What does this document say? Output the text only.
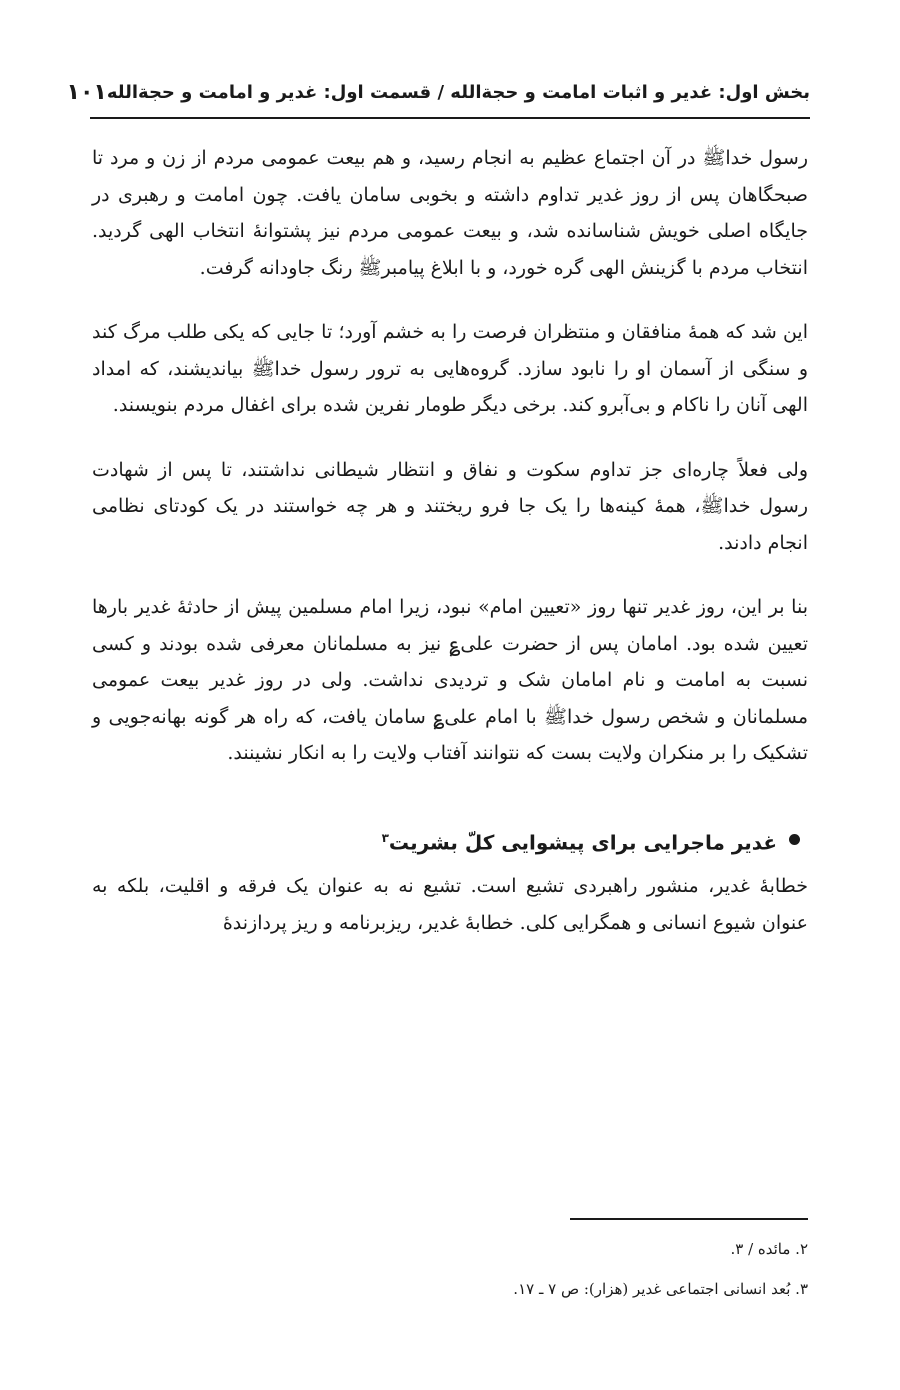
بخش اول: غدیر و اثبات امامت و حجةالله / قسمت اول: غدیر و امامت و حجةالله
۱۰۱

رسول خداﷺ در آن اجتماع عظیم به انجام رسید، و هم بیعت عمومی مردم از زن و مرد تا صبحگاهان پس از روز غدیر تداوم داشته و بخوبی سامان یافت. چون امامت و رهبری در جایگاه اصلی خویش شناسانده شد، و بیعت عمومی مردم نیز پشتوانهٔ انتخاب الهی گردید. انتخاب مردم با گزینش الهی گره خورد، و با ابلاغ پیامبرﷺ رنگ جاودانه گرفت.

این شد که همهٔ منافقان و منتظران فرصت را به خشم آورد؛ تا جایی که یکی طلب مرگ کند و سنگی از آسمان او را نابود سازد. گروه‌هایی به ترور رسول خداﷺ بیاندیشند، که امداد الهی آنان را ناکام و بی‌آبرو کند. برخی دیگر طومار نفرین شده برای اغفال مردم بنویسند.

ولی فعلاً چاره‌ای جز تداوم سکوت و نفاق و انتظار شیطانی نداشتند، تا پس از شهادت رسول خداﷺ، همهٔ کینه‌ها را یک جا فرو ریختند و هر چه خواستند در یک کودتای نظامی انجام دادند.

بنا بر این، روز غدیر تنها روز «تعیین امام» نبود، زیرا امام مسلمین پیش از حادثهٔ غدیر بارها تعیین شده بود. امامان پس از حضرت علی‌؏ نیز به مسلمانان معرفی شده بودند و کسی نسبت به امامت و نام امامان شک و تردیدی نداشت. ولی در روز غدیر بیعت عمومی مسلمانان و شخص رسول خداﷺ با امام علی‌؏ سامان یافت، که راه هر گونه بهانه‌جویی و تشکیک را بر منکران ولایت بست که نتوانند آفتاب ولایت را به انکار نشینند.

غدیر ماجرایی برای پیشوایی کلّ بشریت$^۳$

خطابهٔ غدیر، منشور راهبردی تشیع است. تشیع نه به عنوان یک فرقه و اقلیت، بلکه به عنوان شیوع انسانی و همگرایی کلی. خطابهٔ غدیر، ریزبرنامه و ریز پردازندهٔ

۲. مائده / ۳.

۳. بُعد انسانی اجتماعی غدیر (هزار): ص ۷ ـ ۱۷.
